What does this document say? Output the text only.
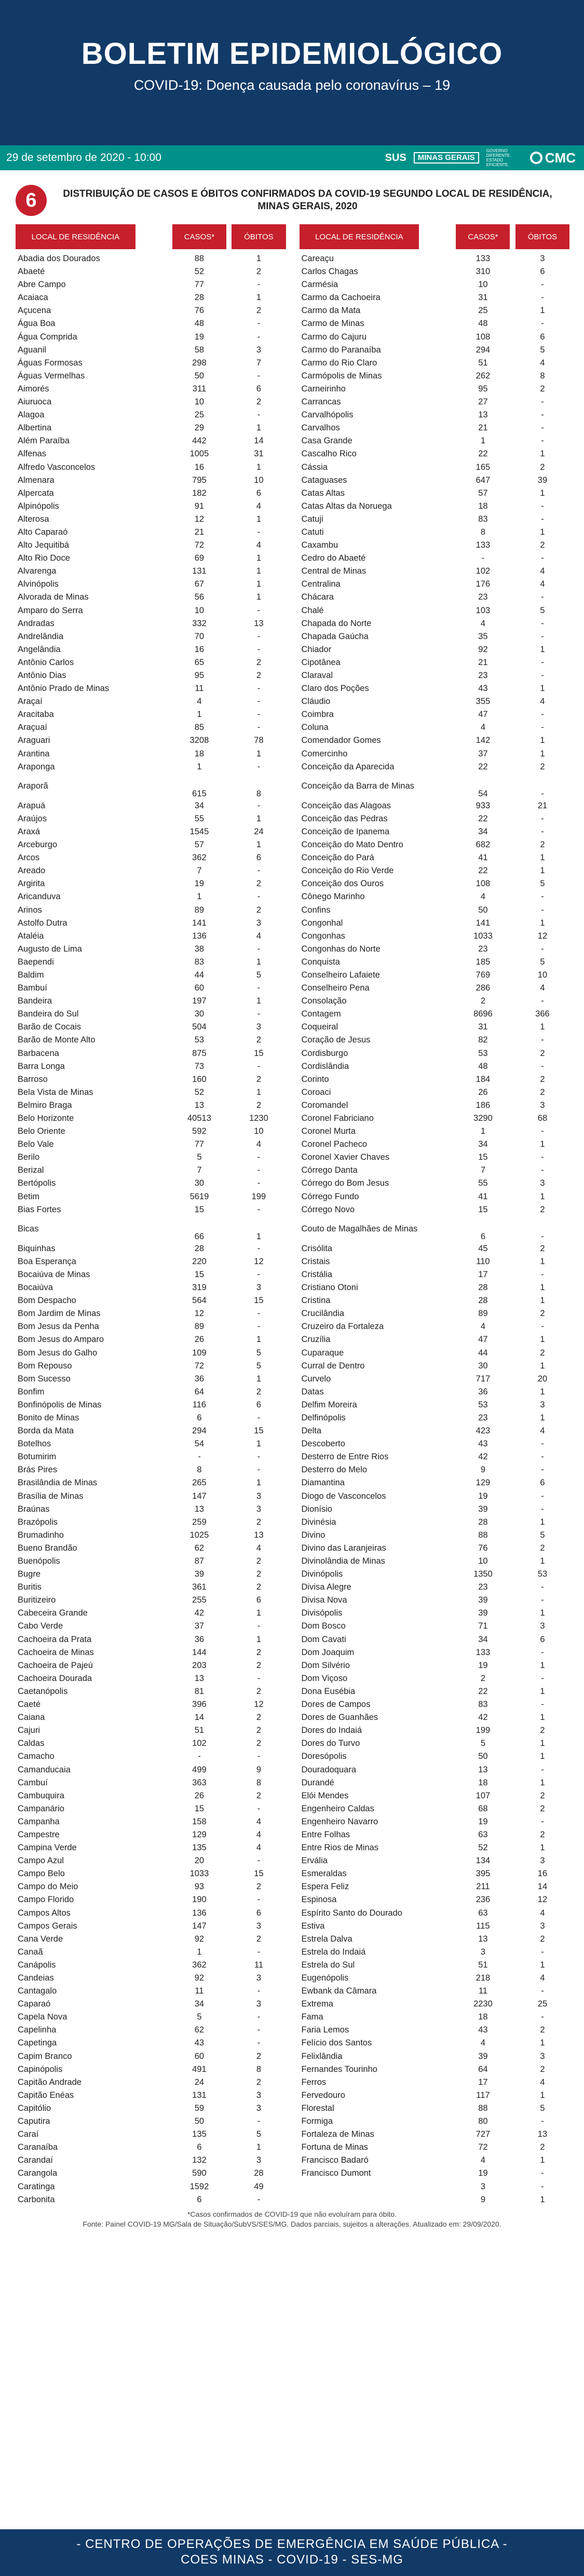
BOLETIM EPIDEMIOLÓGICO
COVID-19: Doença causada pelo coronavírus – 19
29 de setembro de 2020 - 10:00	SUS	MINAS GERAIS
GOVERNO DIFERENTE. ESTADO EFICIENTE.	CMC
6	DISTRIBUIÇÃO DE CASOS E ÓBITOS CONFIRMADOS DA COVID-19 SEGUNDO LOCAL DE RESIDÊNCIA, MINAS GERAIS, 2020
LOCAL DE RESIDÊNCIA		CASOS*		ÓBITOS

Abadia dos Dourados		88		1
Abaeté		52		2
Abre Campo		77		-
Acaiaca		28		1
Açucena		76		2
Água Boa		48		-
Água Comprida		19		-
Aguanil		58		3
Águas Formosas		298		7
Águas Vermelhas		50		-
Aimorés		311		6
Aiuruoca		10		2
Alagoa		25		-
Albertina		29		1
Além Paraíba		442		14
Alfenas		1005		31
Alfredo Vasconcelos		16		1
Almenara		795		10
Alpercata		182		6
Alpinópolis		91		4
Alterosa		12		1
Alto Caparaó		21		-
Alto Jequitibá		72		4
Alto Rio Doce		69		1
Alvarenga		131		1
Alvinópolis		67		1
Alvorada de Minas		56		1
Amparo do Serra		10		-
Andradas		332		13
Andrelândia		70		-
Angelândia		16		-
Antônio Carlos		65		2
Antônio Dias		95		2
Antônio Prado de Minas		11		-
Araçaí		4		-
Aracitaba		1		-
Araçuaí		85		-
Araguari		3208		78
Arantina		18		1
Araponga		1		-
Araporã		615		8
Arapuá		34		-
Araújos		55		1
Araxá		1545		24
Arceburgo		57		1
Arcos		362		6
Areado		7		-
Argirita		19		2
Aricanduva		1		-
Arinos		89		2
Astolfo Dutra		141		3
Ataléia		136		4
Augusto de Lima		38		-
Baependi		83		1
Baldim		44		5
Bambuí		60		-
Bandeira		197		1
Bandeira do Sul		30		-
Barão de Cocais		504		3
Barão de Monte Alto		53		2
Barbacena		875		15
Barra Longa		73		-
Barroso		160		2
Bela Vista de Minas		52		1
Belmiro Braga		13		2
Belo Horizonte		40513		1230
Belo Oriente		592		10
Belo Vale		77		4
Berilo		5		-
Berizal		7		-
Bertópolis		30		-
Betim		5619		199
Bias Fortes		15		-
Bicas		66		1
Biquinhas		28		-
Boa Esperança		220		12
Bocaiúva de Minas		15		-
Bocaiúva		319		3
Bom Despacho		564		15
Bom Jardim de Minas		12		-
Bom Jesus da Penha		89		-
Bom Jesus do Amparo		26		1
Bom Jesus do Galho		109		5
Bom Repouso		72		5
Bom Sucesso		36		1
Bonfim		64		2
Bonfinópolis de Minas		116		6
Bonito de Minas		6		-
Borda da Mata		294		15
Botelhos		54		1
Botumirim		-		-
Brás Pires		8		-
Brasilândia de Minas		265		1
Brasília de Minas		147		3
Braúnas		13		3
Brazópolis		259		2
Brumadinho		1025		13
Bueno Brandão		62		4
Buenópolis		87		2
Bugre		39		2
Buritis		361		2
Buritizeiro		255		6
Cabeceira Grande		42		1
Cabo Verde		37		-
Cachoeira da Prata		36		1
Cachoeira de Minas		144		2
Cachoeira de Pajeú		203		2
Cachoeira Dourada		13		-
Caetanópolis		81		2
Caeté		396		12
Caiana		14		2
Cajuri		51		2
Caldas		102		2
Camacho		-		-
Camanducaia		499		9
Cambuí		363		8
Cambuquira		26		2
Campanário		15		-
Campanha		158		4
Campestre		129		4
Campina Verde		135		4
Campo Azul		20		-
Campo Belo		1033		15
Campo do Meio		93		2
Campo Florido		190		-
Campos Altos		136		6
Campos Gerais		147		3
Cana Verde		92		2
Canaã		1		-
Canápolis		362		11
Candeias		92		3
Cantagalo		11		-
Caparaó		34		3
Capela Nova		5		-
Capelinha		62		-
Capetinga		43		-
Capim Branco		60		2
Capinópolis		491		8
Capitão Andrade		24		2
Capitão Enéas		131		3
Capitólio		59		3
Caputira		50		-
Caraí		135		5
Caranaíba		6		1
Carandaí		132		3
Carangola		590		28
Caratinga		1592		49
Carbonita		6		-
LOCAL DE RESIDÊNCIA		CASOS*		ÓBITOS

Careaçu		133		3
Carlos Chagas		310		6
Carmésia		10		-
Carmo da Cachoeira		31		-
Carmo da Mata		25		1
Carmo de Minas		48		-
Carmo do Cajuru		108		6
Carmo do Paranaíba		294		5
Carmo do Rio Claro		51		4
Carmópolis de Minas		262		8
Carneirinho		95		2
Carrancas		27		-
Carvalhópolis		13		-
Carvalhos		21		-
Casa Grande		1		-
Cascalho Rico		22		1
Cássia		165		2
Cataguases		647		39
Catas Altas		57		1
Catas Altas da Noruega		18		-
Catuji		83		-
Catuti		8		1
Caxambu		133		2
Cedro do Abaeté		-		-
Central de Minas		102		4
Centralina		176		4
Chácara		23		-
Chalé		103		5
Chapada do Norte		4		-
Chapada Gaúcha		35		-
Chiador		92		1
Cipotânea		21		-
Claraval		23		-
Claro dos Poções		43		1
Cláudio		355		4
Coimbra		47		-
Coluna		4		-
Comendador Gomes		142		1
Comercinho		37		1
Conceição da Aparecida		22		2
Conceição da Barra de Minas		54		-
Conceição das Alagoas		933		21
Conceição das Pedras		22		-
Conceição de Ipanema		34		-
Conceição do Mato Dentro		682		2
Conceição do Pará		41		1
Conceição do Rio Verde		22		1
Conceição dos Ouros		108		5
Cônego Marinho		4		-
Confins		50		-
Congonhal		141		1
Congonhas		1033		12
Congonhas do Norte		23		-
Conquista		185		5
Conselheiro Lafaiete		769		10
Conselheiro Pena		286		4
Consolação		2		-
Contagem		8696		366
Coqueiral		31		1
Coração de Jesus		82		-
Cordisburgo		53		2
Cordislândia		48		-
Corinto		184		2
Coroaci		26		2
Coromandel		186		3
Coronel Fabriciano		3290		68
Coronel Murta		1		-
Coronel Pacheco		34		1
Coronel Xavier Chaves		15		-
Córrego Danta		7		-
Córrego do Bom Jesus		55		3
Córrego Fundo		41		1
Córrego Novo		15		2
Couto de Magalhães de Minas		6		-
Crisólita		45		2
Cristais		110		1
Cristália		17		-
Cristiano Otoni		28		1
Cristina		28		1
Crucilândia		89		2
Cruzeiro da Fortaleza		4		-
Cruzília		47		1
Cuparaque		44		2
Curral de Dentro		30		1
Curvelo		717		20
Datas		36		1
Delfim Moreira		53		3
Delfinópolis		23		1
Delta		423		4
Descoberto		43		-
Desterro de Entre Rios		42		-
Desterro do Melo		9		-
Diamantina		129		6
Diogo de Vasconcelos		19		-
Dionísio		39		-
Divinésia		28		1
Divino		88		5
Divino das Laranjeiras		76		2
Divinolândia de Minas		10		1
Divinópolis		1350		53
Divisa Alegre		23		-
Divisa Nova		39		-
Divisópolis		39		1
Dom Bosco		71		3
Dom Cavati		34		6
Dom Joaquim		133		-
Dom Silvério		19		1
Dom Viçoso		2		-
Dona Eusébia		22		1
Dores de Campos		83		-
Dores de Guanhães		42		1
Dores do Indaiá		199		2
Dores do Turvo		5		1
Doresópolis		50		1
Douradoquara		13		-
Durandé		18		1
Elói Mendes		107		2
Engenheiro Caldas		68		2
Engenheiro Navarro		19		-
Entre Folhas		63		2
Entre Rios de Minas		52		1
Ervália		134		3
Esmeraldas		395		16
Espera Feliz		211		14
Espinosa		236		12
Espírito Santo do Dourado		63		4
Estiva		115		3
Estrela Dalva		13		2
Estrela do Indaiá		3		-
Estrela do Sul		51		1
Eugenópolis		218		4
Ewbank da Câmara		11		-
Extrema		2230		25
Fama		18		-
Faria Lemos		43		2
Felício dos Santos		4		1
Felixlândia		39		3
Fernandes Tourinho		64		2
Ferros		17		4
Fervedouro		117		1
Florestal		88		5
Formiga		80		-
Fortaleza de Minas		727		13
Fortuna de Minas		72		2
Francisco Badaró		4		1
Francisco Dumont		19		-
		3		-
		9		1
*Casos confirmados de COVID-19 que não evoluíram para óbito.
Fonte: Painel COVID-19 MG/Sala de Situação/SubVS/SES/MG. Dados parciais, sujeitos a alterações. Atualizado em: 29/09/2020.
- CENTRO DE OPERAÇÕES DE EMERGÊNCIA EM SAÚDE PÚBLICA -
COES MINAS - COVID-19 - SES-MG
